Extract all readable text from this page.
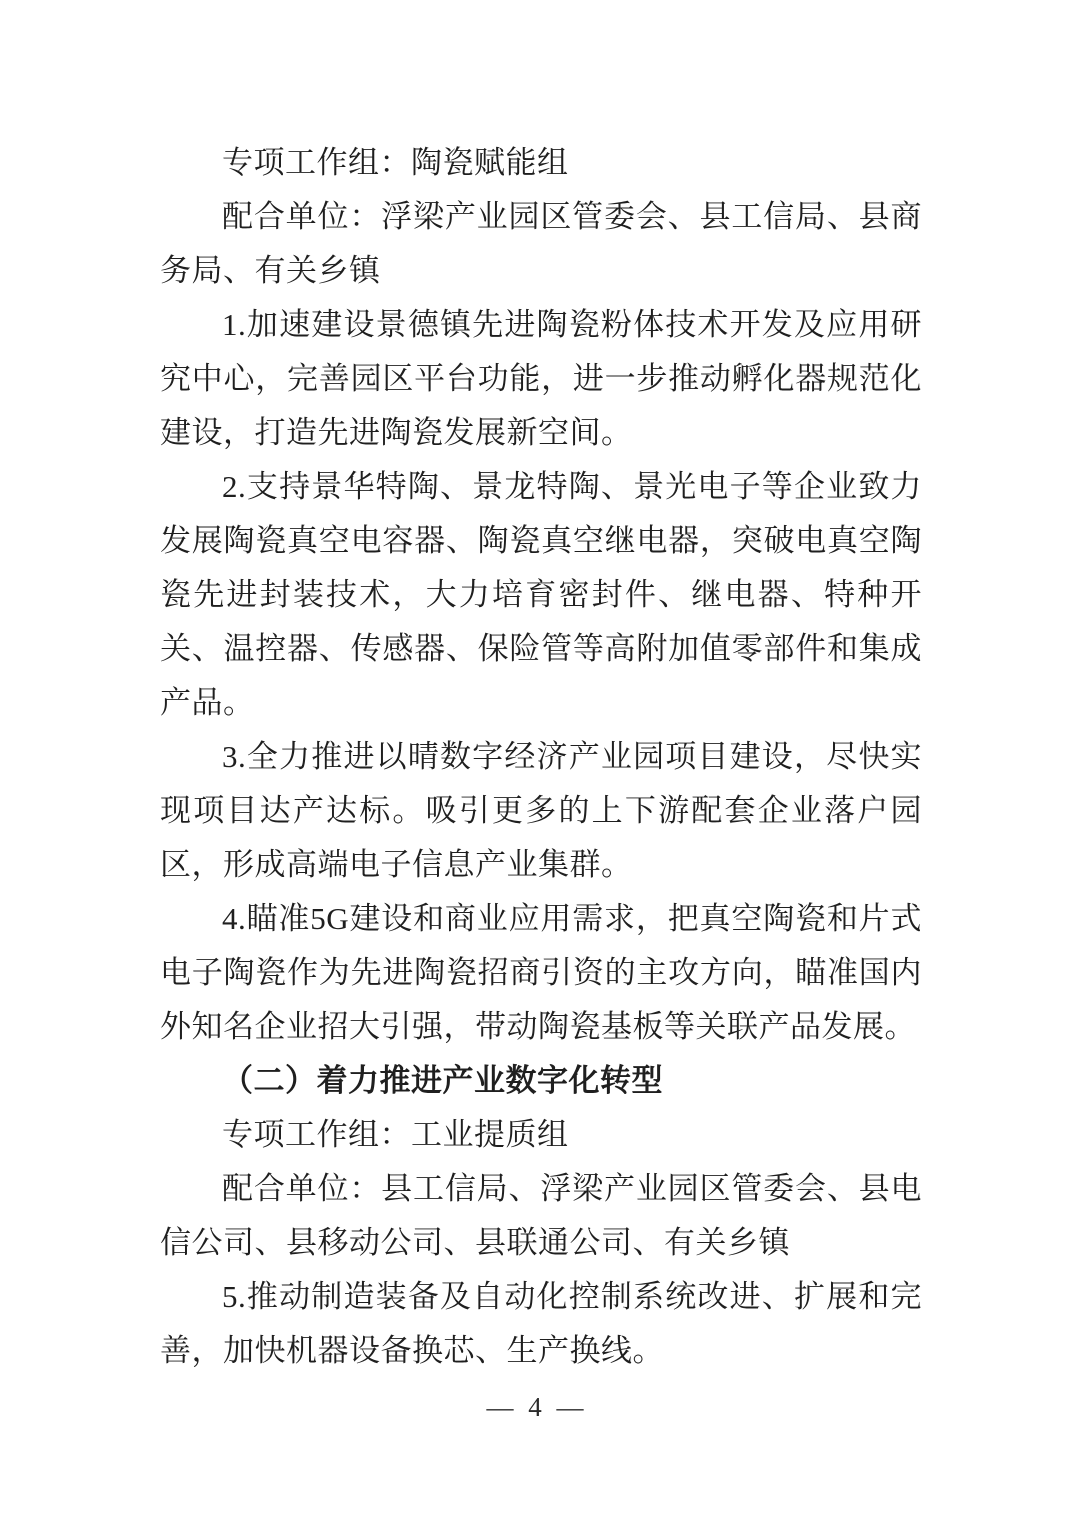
专项工作组：陶瓷赋能组

配合单位：浮梁产业园区管委会、县工信局、县商务局、有关乡镇

1.加速建设景德镇先进陶瓷粉体技术开发及应用研究中心，完善园区平台功能，进一步推动孵化器规范化建设，打造先进陶瓷发展新空间。

2.支持景华特陶、景龙特陶、景光电子等企业致力发展陶瓷真空电容器、陶瓷真空继电器，突破电真空陶瓷先进封装技术，大力培育密封件、继电器、特种开关、温控器、传感器、保险管等高附加值零部件和集成产品。

3.全力推进以晴数字经济产业园项目建设，尽快实现项目达产达标。吸引更多的上下游配套企业落户园区，形成高端电子信息产业集群。

4.瞄准5G建设和商业应用需求，把真空陶瓷和片式电子陶瓷作为先进陶瓷招商引资的主攻方向，瞄准国内外知名企业招大引强，带动陶瓷基板等关联产品发展。

（二）着力推进产业数字化转型

专项工作组：工业提质组

配合单位：县工信局、浮梁产业园区管委会、县电信公司、县移动公司、县联通公司、有关乡镇

5.推动制造装备及自动化控制系统改进、扩展和完善，加快机器设备换芯、生产换线。

— 4 —
